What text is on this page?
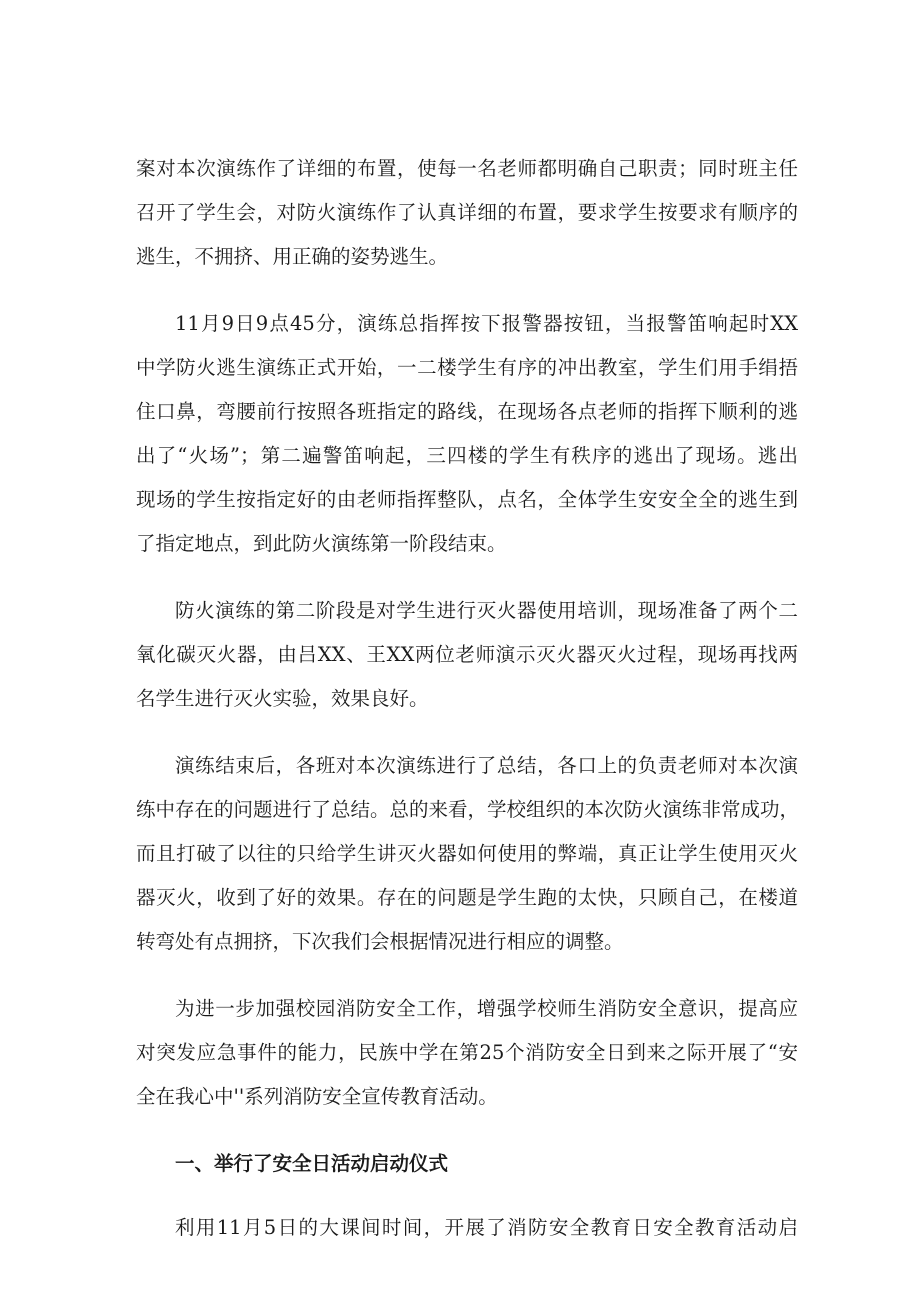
案对本次演练作了详细的布置，使每一名老师都明确自己职责；同时班主任
召开了学生会，对防火演练作了认真详细的布置，要求学生按要求有顺序的
逃生，不拥挤、用正确的姿势逃生。

11月9日9点45分，演练总指挥按下报警器按钮，当报警笛响起时XX
中学防火逃生演练正式开始，一二楼学生有序的冲出教室，学生们用手绢捂
住口鼻，弯腰前行按照各班指定的路线，在现场各点老师的指挥下顺利的逃
出了“火场”；第二遍警笛响起，三四楼的学生有秩序的逃出了现场。逃出
现场的学生按指定好的由老师指挥整队，点名，全体学生安安全全的逃生到
了指定地点，到此防火演练第一阶段结束。

防火演练的第二阶段是对学生进行灭火器使用培训，现场准备了两个二
氧化碳灭火器，由吕XX、王XX两位老师演示灭火器灭火过程，现场再找两
名学生进行灭火实验，效果良好。

演练结束后，各班对本次演练进行了总结，各口上的负责老师对本次演
练中存在的问题进行了总结。总的来看，学校组织的本次防火演练非常成功，
而且打破了以往的只给学生讲灭火器如何使用的弊端，真正让学生使用灭火
器灭火，收到了好的效果。存在的问题是学生跑的太快，只顾自己，在楼道
转弯处有点拥挤，下次我们会根据情况进行相应的调整。

为进一步加强校园消防安全工作，增强学校师生消防安全意识，提高应
对突发应急事件的能力，民族中学在第25个消防安全日到来之际开展了“安
全在我心中''系列消防安全宣传教育活动。

一、举行了安全日活动启动仪式

利用11月5日的大课间时间，开展了消防安全教育日安全教育活动启
